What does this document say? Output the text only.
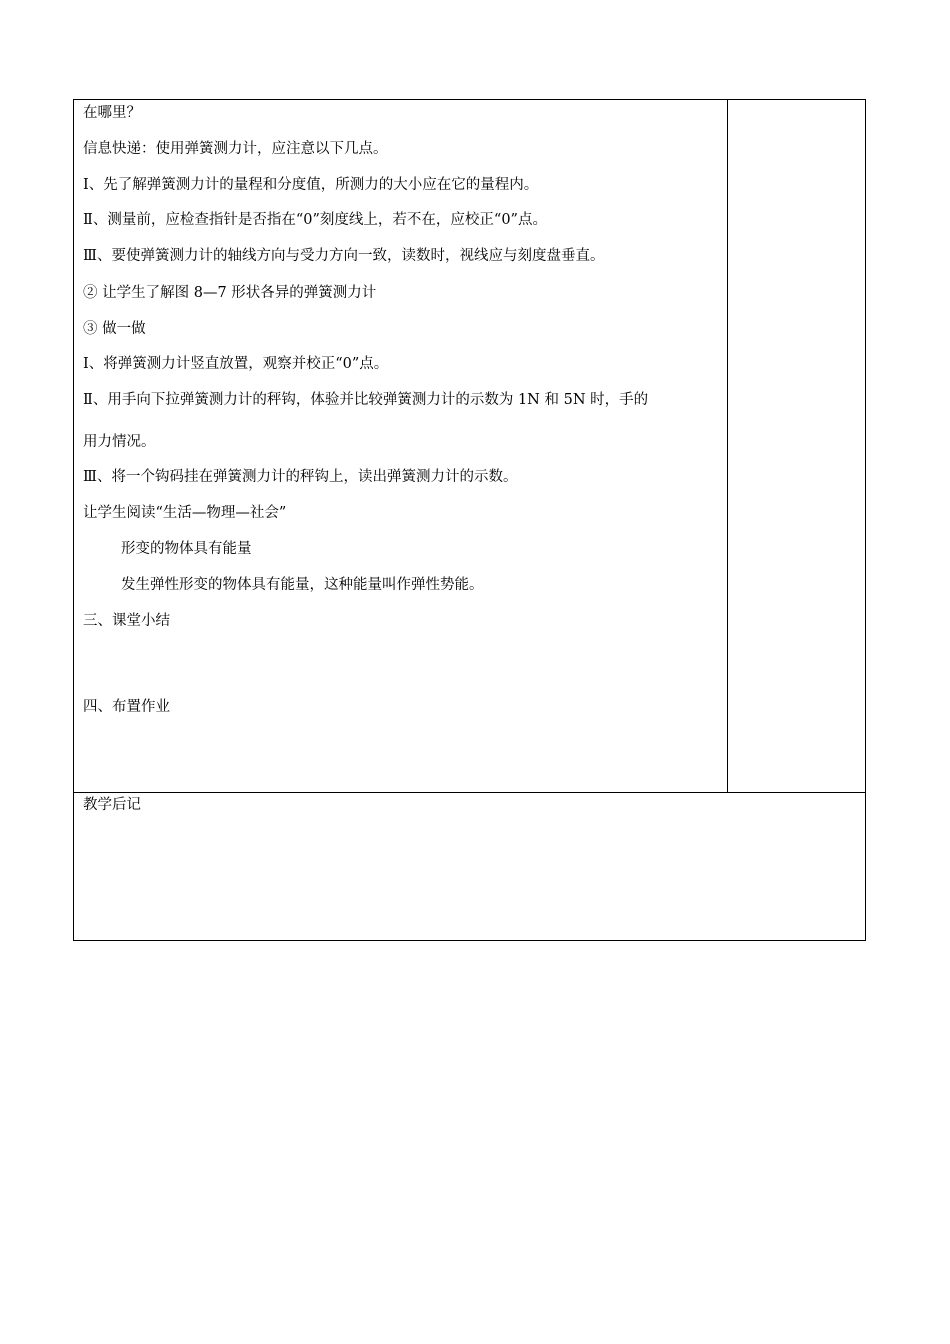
在哪里？
信息快递：使用弹簧测力计，应注意以下几点。
Ⅰ、先了解弹簧测力计的量程和分度值，所测力的大小应在它的量程内。
Ⅱ、测量前，应检查指针是否指在“0”刻度线上，若不在，应校正“0”点。
Ⅲ、要使弹簧测力计的轴线方向与受力方向一致，读数时，视线应与刻度盘垂直。
② 让学生了解图 8—7 形状各异的弹簧测力计
③ 做一做
Ⅰ、将弹簧测力计竖直放置，观察并校正“0”点。
Ⅱ、用手向下拉弹簧测力计的秤钩，体验并比较弹簧测力计的示数为 1N 和 5N 时，手的
用力情况。
Ⅲ、将一个钩码挂在弹簧测力计的秤钩上，读出弹簧测力计的示数。
让学生阅读“生活—物理—社会”
形变的物体具有能量
发生弹性形变的物体具有能量，这种能量叫作弹性势能。
三、课堂小结
四、布置作业
教学后记
